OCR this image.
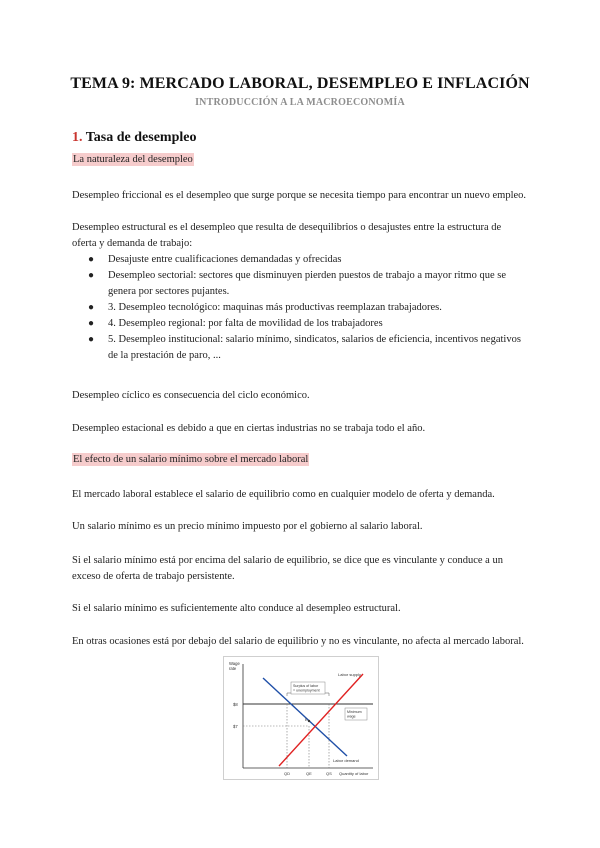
TEMA 9: MERCADO LABORAL, DESEMPLEO E INFLACIÓN
INTRODUCCIÓN A LA MACROECONOMÍA
1. Tasa de desempleo
La naturaleza del desempleo
Desempleo friccional es el desempleo que surge porque se necesita tiempo para encontrar un nuevo empleo.
Desempleo estructural es el desempleo que resulta de desequilibrios o desajustes entre la estructura de oferta y demanda de trabajo:
● Desajuste entre cualificaciones demandadas y ofrecidas
● Desempleo sectorial: sectores que disminuyen pierden puestos de trabajo a mayor ritmo que se genera por sectores pujantes.
● 3. Desempleo tecnológico: maquinas más productivas reemplazan trabajadores.
● 4. Desempleo regional: por falta de movilidad de los trabajadores
● 5. Desempleo institucional: salario mínimo, sindicatos, salarios de eficiencia, incentivos negativos de la prestación de paro, ...
Desempleo cíclico es consecuencia del ciclo económico.
Desempleo estacional es debido a que en ciertas industrias no se trabaja todo el año.
El efecto de un salario mínimo sobre el mercado laboral
El mercado laboral establece el salario de equilibrio como en cualquier modelo de oferta y demanda.
Un salario mínimo es un precio mínimo impuesto por el gobierno al salario laboral.
Si el salario mínimo está por encima del salario de equilibrio, se dice que es vinculante y conduce a un exceso de oferta de trabajo persistente.
Si el salario mínimo es suficientemente alto conduce al desempleo estructural.
En otras ocasiones está por debajo del salario de equilibrio y no es vinculante, no afecta al mercado laboral.
Wage
rate
$8
$7
E
Labor supply
Labor demand
Surplus of labor
= unemployment
Minimum
wage
QD	QE	QS Quantity of labor
